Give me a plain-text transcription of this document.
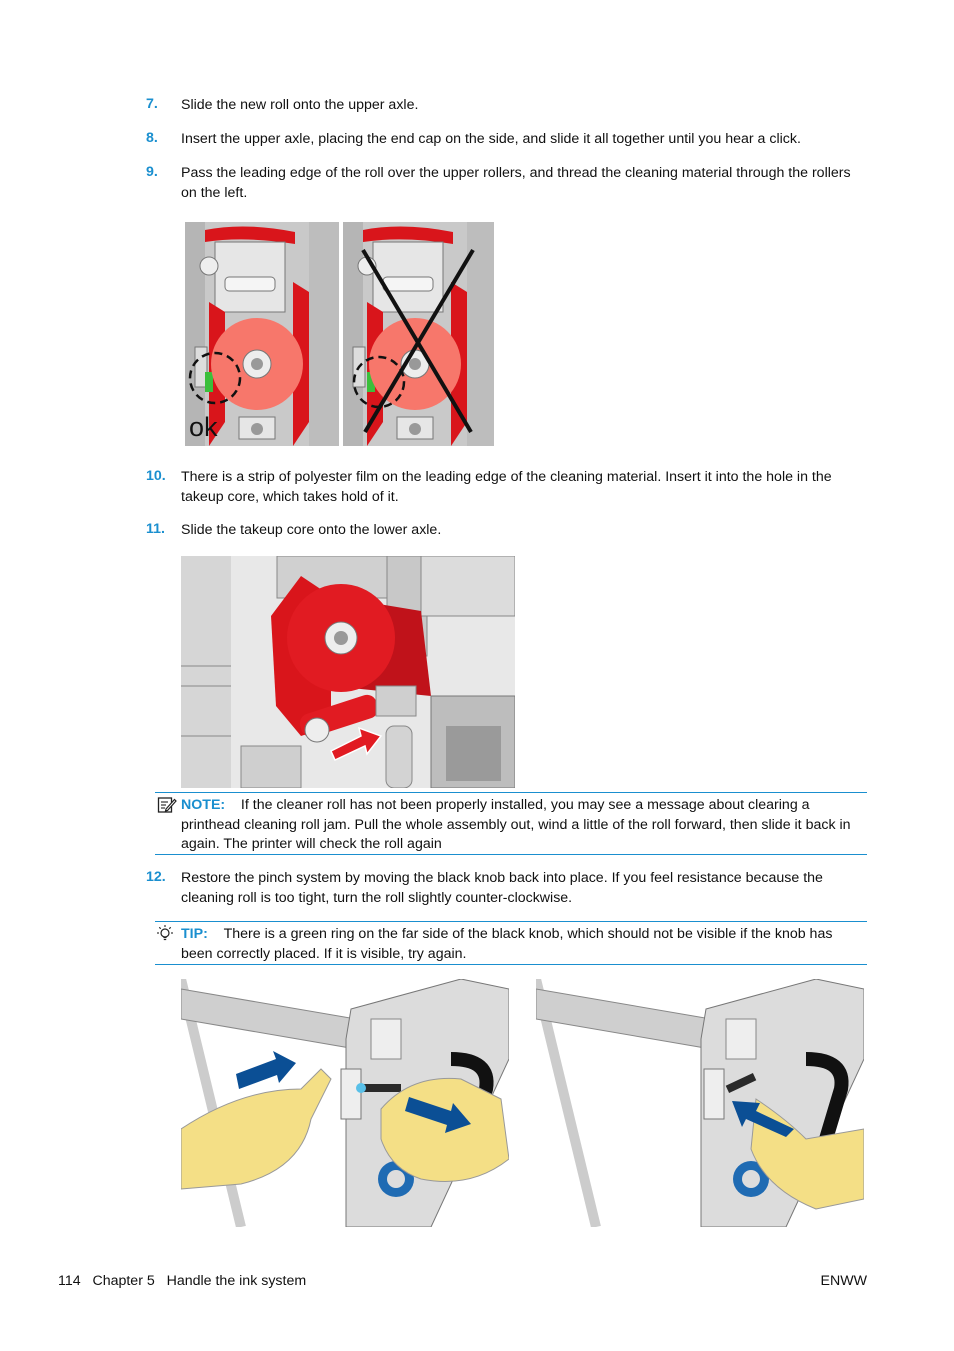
7. Slide the new roll onto the upper axle.
8. Insert the upper axle, placing the end cap on the side, and slide it all together until you hear a click.
9. Pass the leading edge of the roll over the upper rollers, and thread the cleaning material through the rollers on the left.
ok
10. There is a strip of polyester film on the leading edge of the cleaning material. Insert it into the hole in the takeup core, which takes hold of it.
11. Slide the takeup core onto the lower axle.
NOTE: If the cleaner roll has not been properly installed, you may see a message about clearing a printhead cleaning roll jam. Pull the whole assembly out, wind a little of the roll forward, then slide it back in again. The printer will check the roll again
12. Restore the pinch system by moving the black knob back into place. If you feel resistance because the cleaning roll is too tight, turn the roll slightly counter-clockwise.
TIP: There is a green ring on the far side of the black knob, which should not be visible if the knob has been correctly placed. If it is visible, try again.
114 Chapter 5 Handle the ink system	ENWW
